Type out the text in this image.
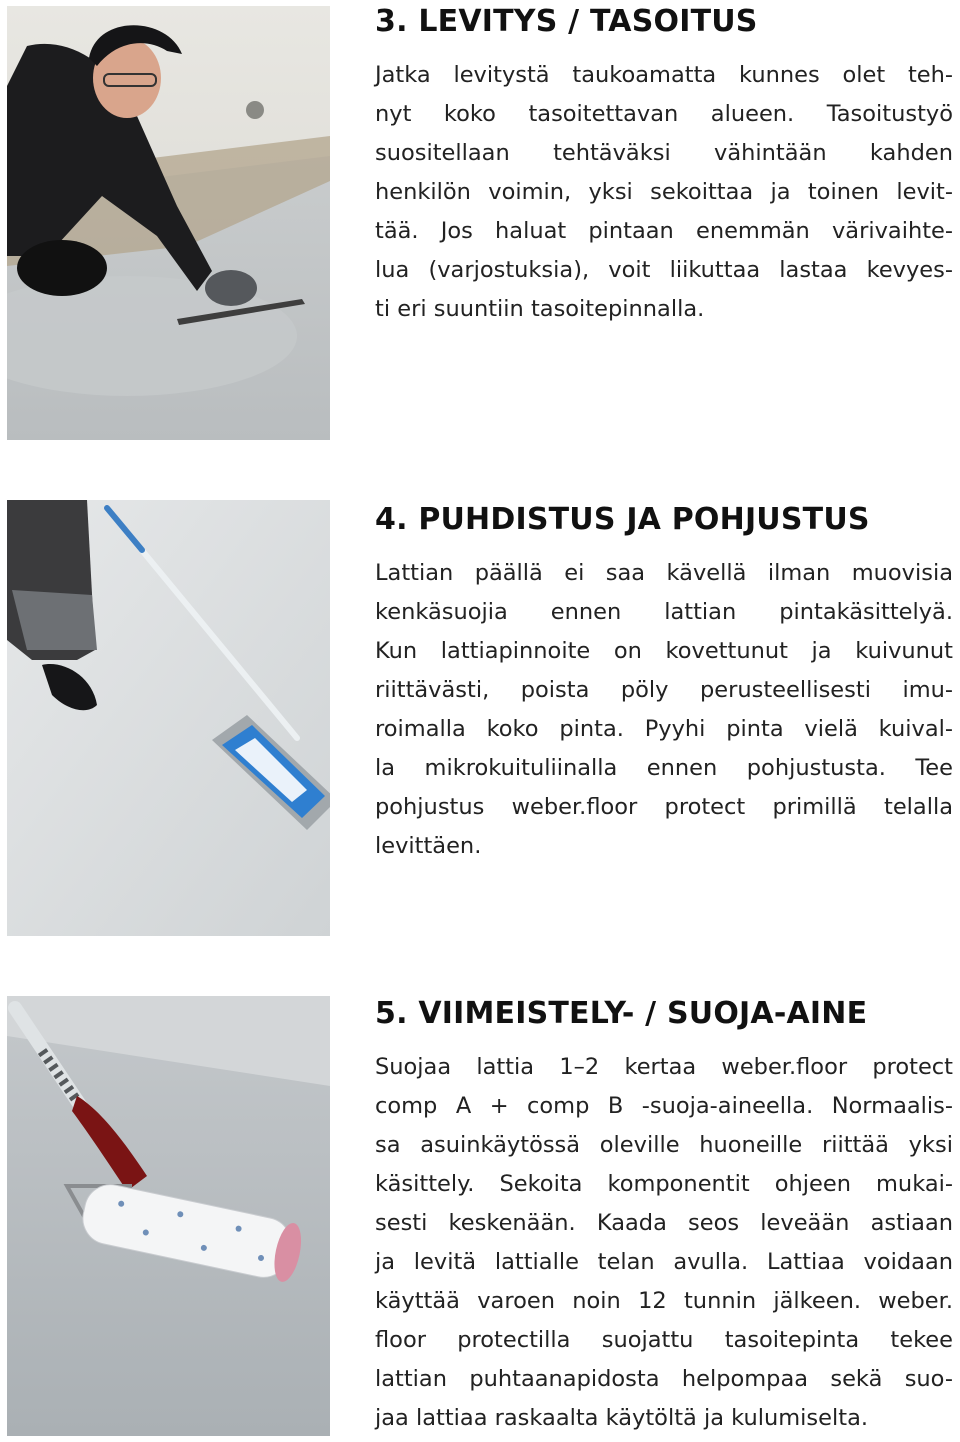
3. LEVITYS / TASOITUS
Jatka levitystä taukoamatta kunnes olet teh-
nyt koko tasoitettavan alueen. Tasoitustyö
suositellaan tehtäväksi vähintään kahden
henkilön voimin, yksi sekoittaa ja toinen levit-
tää. Jos haluat pintaan enemmän värivaihte-
lua (varjostuksia), voit liikuttaa lastaa kevyes-
ti eri suuntiin tasoitepinnalla.
4. PUHDISTUS JA POHJUSTUS
Lattian päällä ei saa kävellä ilman muovisia
kenkäsuojia ennen lattian pintakäsittelyä.
Kun lattiapinnoite on kovettunut ja kuivunut
riittävästi, poista pöly perusteellisesti imu-
roimalla koko pinta. Pyyhi pinta vielä kuival-
la mikrokuituliinalla ennen pohjustusta. Tee
pohjustus weber.floor protect primillä telalla
levittäen.
5. VIIMEISTELY- / SUOJA-AINE
Suojaa lattia 1–2 kertaa weber.floor protect
comp A + comp B -suoja-aineella. Normaalis-
sa asuinkäytössä oleville huoneille riittää yksi
käsittely. Sekoita komponentit ohjeen mukai-
sesti keskenään. Kaada seos leveään astiaan
ja levitä lattialle telan avulla. Lattiaa voidaan
käyttää varoen noin 12 tunnin jälkeen. weber.
floor protectilla suojattu tasoitepinta tekee
lattian puhtaanapidosta helpompaa sekä suo-
jaa lattiaa raskaalta käytöltä ja kulumiselta.
